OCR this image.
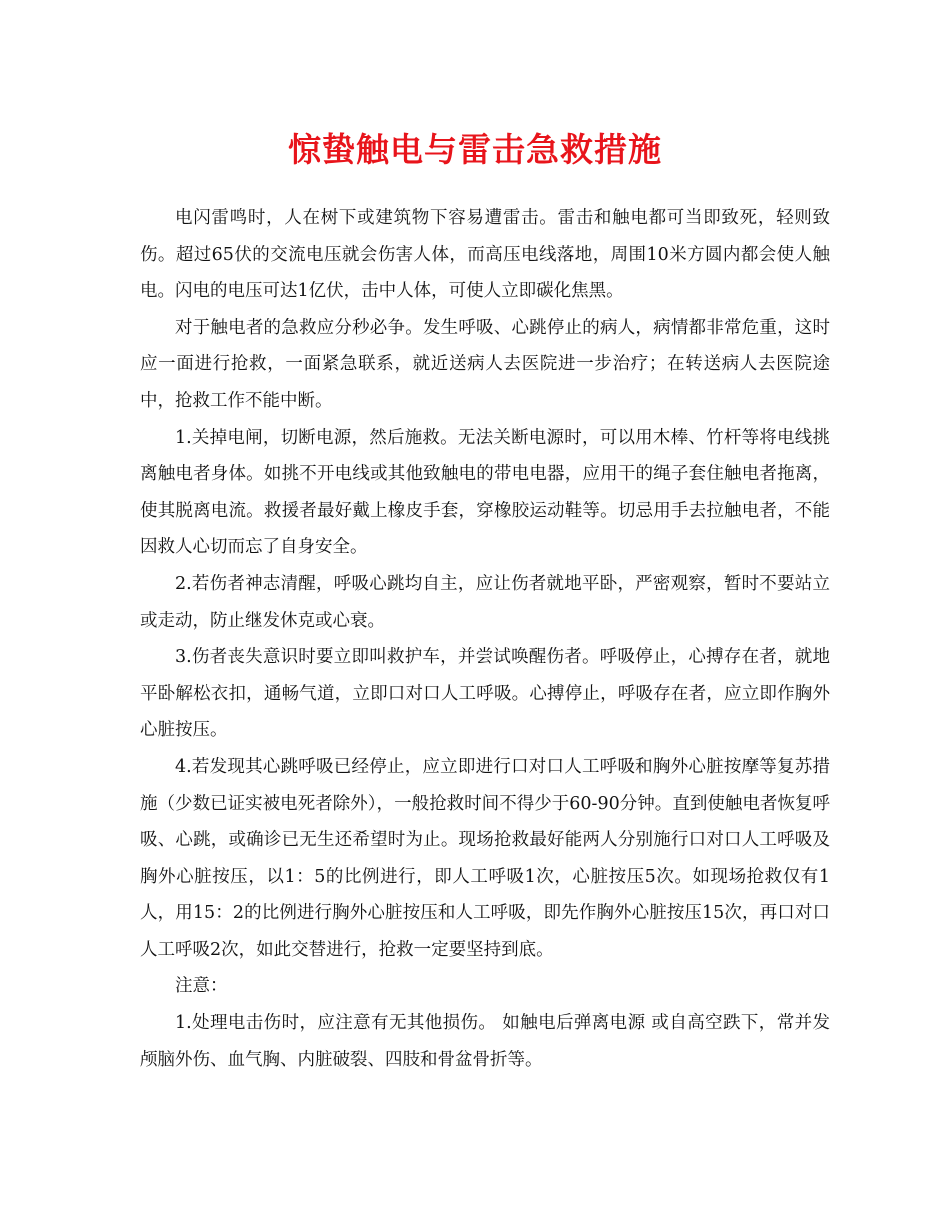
惊蛰触电与雷击急救措施

电闪雷鸣时，人在树下或建筑物下容易遭雷击。雷击和触电都可当即致死，轻则致伤。超过65伏的交流电压就会伤害人体，而高压电线落地，周围10米方圆内都会使人触电。闪电的电压可达1亿伏，击中人体，可使人立即碳化焦黑。

对于触电者的急救应分秒必争。发生呼吸、心跳停止的病人，病情都非常危重，这时应一面进行抢救，一面紧急联系，就近送病人去医院进一步治疗；在转送病人去医院途中，抢救工作不能中断。

1.关掉电闸，切断电源，然后施救。无法关断电源时，可以用木棒、竹杆等将电线挑离触电者身体。如挑不开电线或其他致触电的带电电器，应用干的绳子套住触电者拖离，使其脱离电流。救援者最好戴上橡皮手套，穿橡胶运动鞋等。切忌用手去拉触电者，不能因救人心切而忘了自身安全。

2.若伤者神志清醒，呼吸心跳均自主，应让伤者就地平卧，严密观察，暂时不要站立或走动，防止继发休克或心衰。

3.伤者丧失意识时要立即叫救护车，并尝试唤醒伤者。呼吸停止，心搏存在者，就地平卧解松衣扣，通畅气道，立即口对口人工呼吸。心搏停止，呼吸存在者，应立即作胸外心脏按压。

4.若发现其心跳呼吸已经停止，应立即进行口对口人工呼吸和胸外心脏按摩等复苏措施（少数已证实被电死者除外），一般抢救时间不得少于60-90分钟。直到使触电者恢复呼吸、心跳，或确诊已无生还希望时为止。现场抢救最好能两人分别施行口对口人工呼吸及胸外心脏按压，以1：5的比例进行，即人工呼吸1次，心脏按压5次。如现场抢救仅有1人，用15：2的比例进行胸外心脏按压和人工呼吸，即先作胸外心脏按压15次，再口对口人工呼吸2次，如此交替进行，抢救一定要坚持到底。

注意：

1.处理电击伤时，应注意有无其他损伤。 如触电后弹离电源 或自高空跌下，常并发颅脑外伤、血气胸、内脏破裂、四肢和骨盆骨折等。
